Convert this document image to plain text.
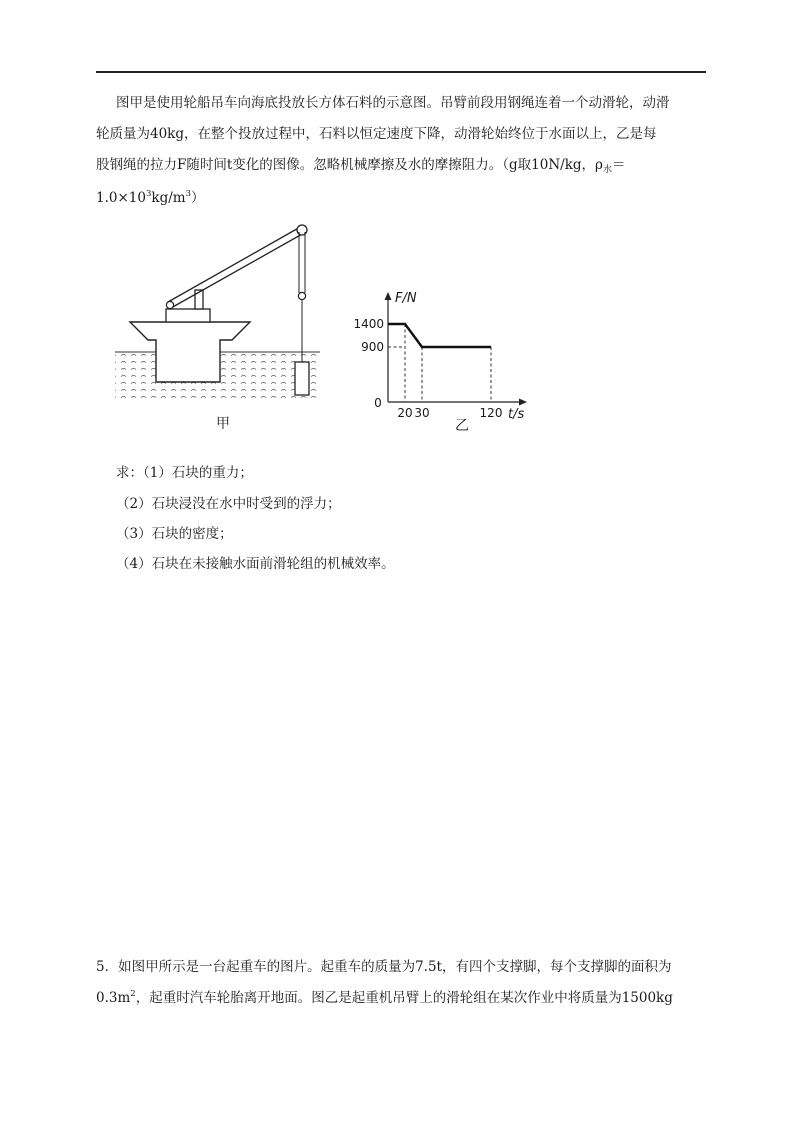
图甲是使用轮船吊车向海底投放长方体石料的示意图。吊臂前段用钢绳连着一个动滑轮，动滑
轮质量为40kg，在整个投放过程中，石料以恒定速度下降，动滑轮始终位于水面以上，乙是每
股钢绳的拉力F随时间t变化的图像。忽略机械摩擦及水的摩擦阻力。（g取10N/kg，$\rho_水=$
$1.0\times 10^3kg/m^3$）
甲
F/N
t/s
0
1400
900
20 30	120
乙
求：（1）石块的重力；
（2）石块浸没在水中时受到的浮力；
（3）石块的密度；
（4）石块在未接触水面前滑轮组的机械效率。
5．如图甲所示是一台起重车的图片。起重车的质量为7.5t，有四个支撑脚，每个支撑脚的面积为
$0.3m^2$，起重时汽车轮胎离开地面。图乙是起重机吊臂上的滑轮组在某次作业中将质量为1500kg
